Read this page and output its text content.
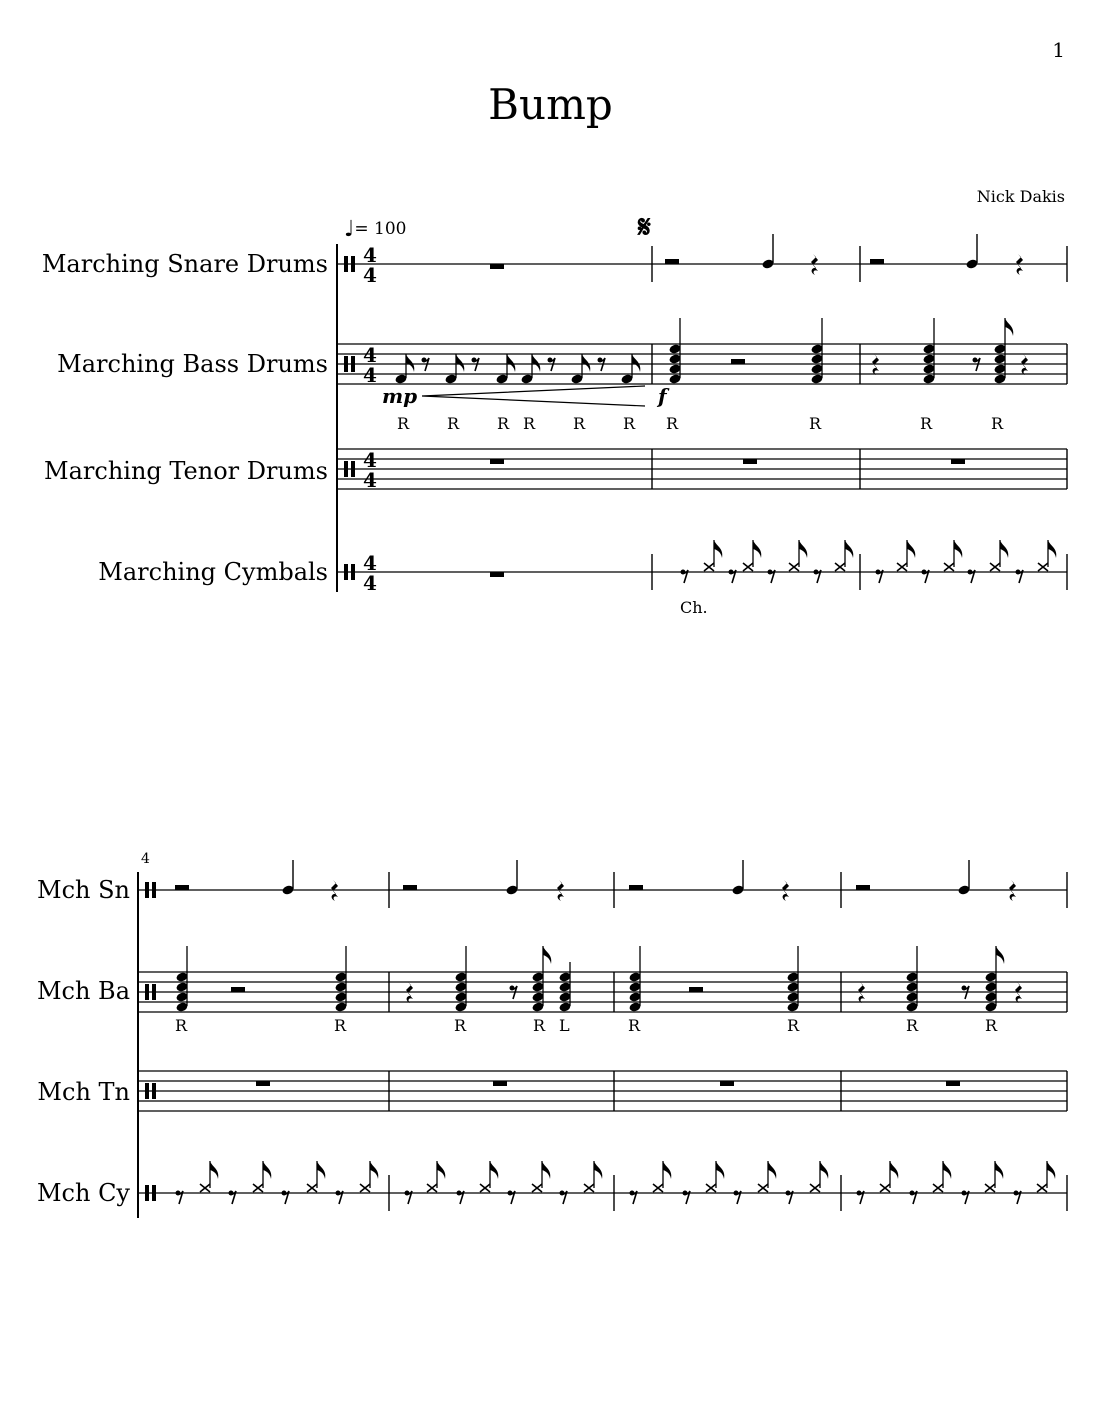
1
Bump
Nick Dakis
♩= 100	𝄋
Marching Snare Drums
Marching Bass Drums
Marching Tenor Drums
Marching Cymbals
4
Mch Sn
Mch Ba
Mch Tn
Mch Cy
mp	f
Ch.
R R R R R R R	R	R	R
R	R	R	R L	R	R	R	R
4
4
4
4
4
4
4
4
